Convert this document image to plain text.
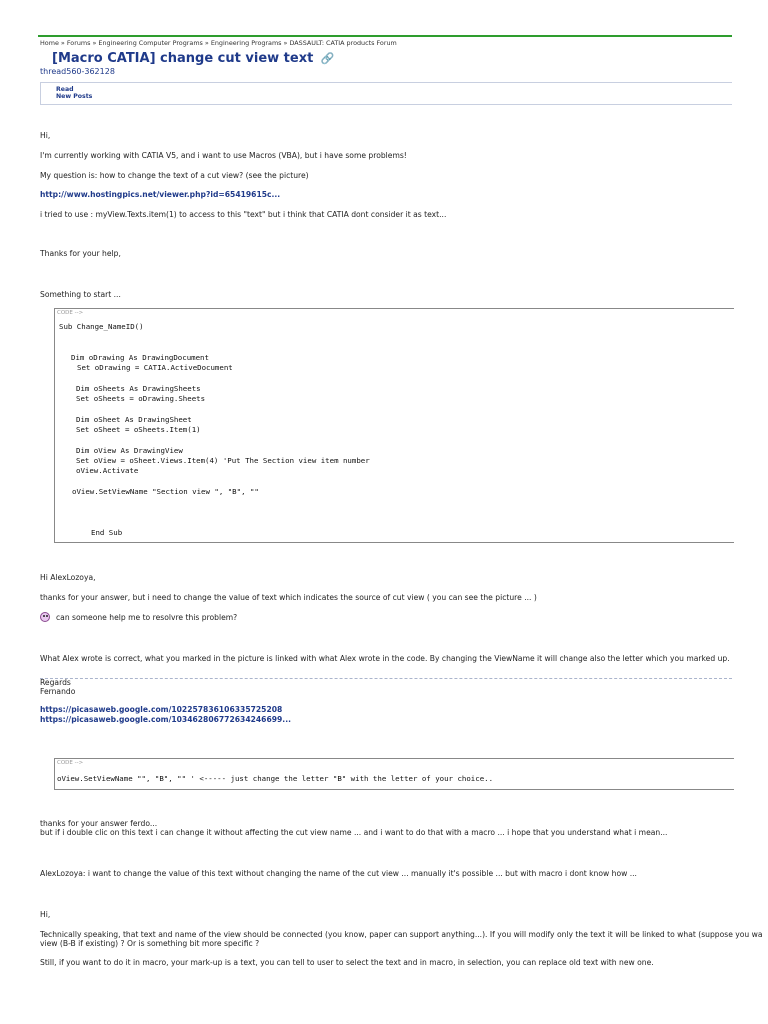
Home » Forums » Engineering Computer Programs » Engineering Programs » DASSAULT: CATIA products Forum
[Macro CATIA] change cut view text 🔗
thread560-362128
Read
New Posts
Hi,
I'm currently working with CATIA V5, and i want to use Macros (VBA), but i have some problems!
My question is: how to change the text of a cut view? (see the picture)
http://www.hostingpics.net/viewer.php?id=65419615c...
i tried to use : myView.Texts.item(1) to access to this "text" but i think that CATIA dont consider it as text...
Thanks for your help,
Something to start ...
CODE -->
Sub Change_NameID()
Dim oDrawing As DrawingDocument
Set oDrawing = CATIA.ActiveDocument
Dim oSheets As DrawingSheets
Set oSheets = oDrawing.Sheets
Dim oSheet As DrawingSheet
Set oSheet = oSheets.Item(1)
Dim oView As DrawingView
Set oView = oSheet.Views.Item(4) 'Put The Section view item number
oView.Activate
oView.SetViewName "Section view ", "B", ""
End Sub
Hi AlexLozoya,
thanks for your answer, but i need to change the value of text which indicates the source of cut view ( you can see the picture ... )
can someone help me to resolvre this problem?
What Alex wrote is correct, what you marked in the picture is linked with what Alex wrote in the code. By changing the ViewName it will change also the letter which you marked up.
Regards
Fernando
https://picasaweb.google.com/102257836106335725208
https://picasaweb.google.com/103462806772634246699...
CODE -->
oView.SetViewName "", "B", "" ' <----- just change the letter "B" with the letter of your choice..
thanks for your answer ferdo...
but if i double clic on this text i can change it without affecting the cut view name ... and i want to do that with a macro ... i hope that you understand what i mean...
AlexLozoya: i want to change the value of this text without changing the name of the cut view ... manually it's possible ... but with macro i dont know how ...
Hi,
Technically speaking, that text and name of the view should be connected (you know, paper can support anything...). If you will modify only the text it will be linked to what (suppose you wa
view (B-B if existing) ? Or is something bit more specific ?
Still, if you want to do it in macro, your mark-up is a text, you can tell to user to select the text and in macro, in selection, you can replace old text with new one.
